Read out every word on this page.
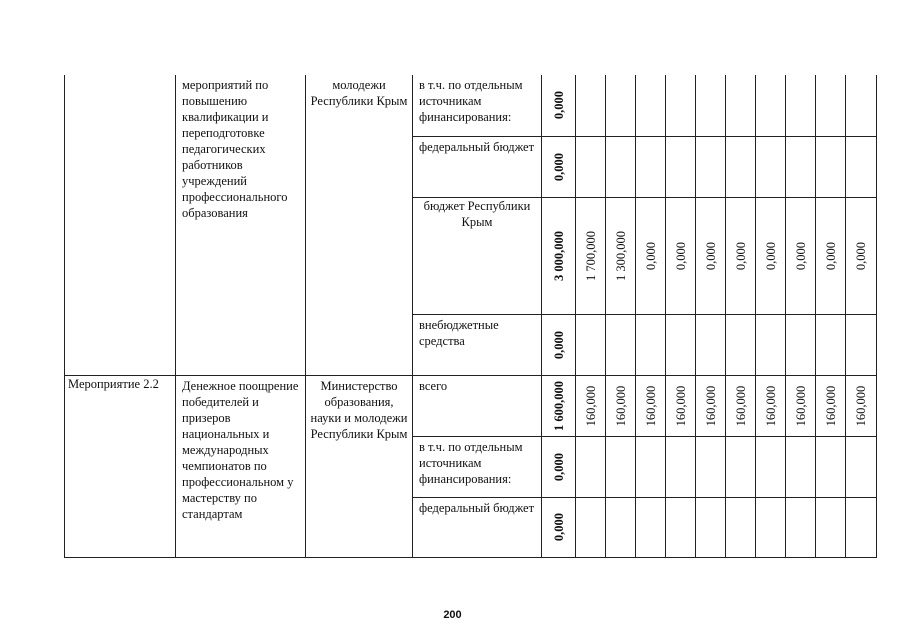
	мероприятий по повышению квалификации и переподготовке педагогических работников учреждений профессионального образования	молодежи Республики Крым	в т.ч. по отдельным источникам финансирования:	0,000										

			федеральный бюджет	0,000										

			бюджет Республики Крым	3 000,000	1 700,000	1 300,000	0,000	0,000	0,000	0,000	0,000	0,000	0,000	0,000

			внебюджетные средства	0,000										

Мероприятие 2.2	Денежное поощрение победителей и призеров национальных и международных чемпионатов по профессиональном у мастерству по стандартам	Министерство образования, науки и молодежи Республики Крым	всего	1 600,000	160,000	160,000	160,000	160,000	160,000	160,000	160,000	160,000	160,000	160,000

			в т.ч. по отдельным источникам финансирования:	0,000										

			федеральный бюджет	0,000										

200
